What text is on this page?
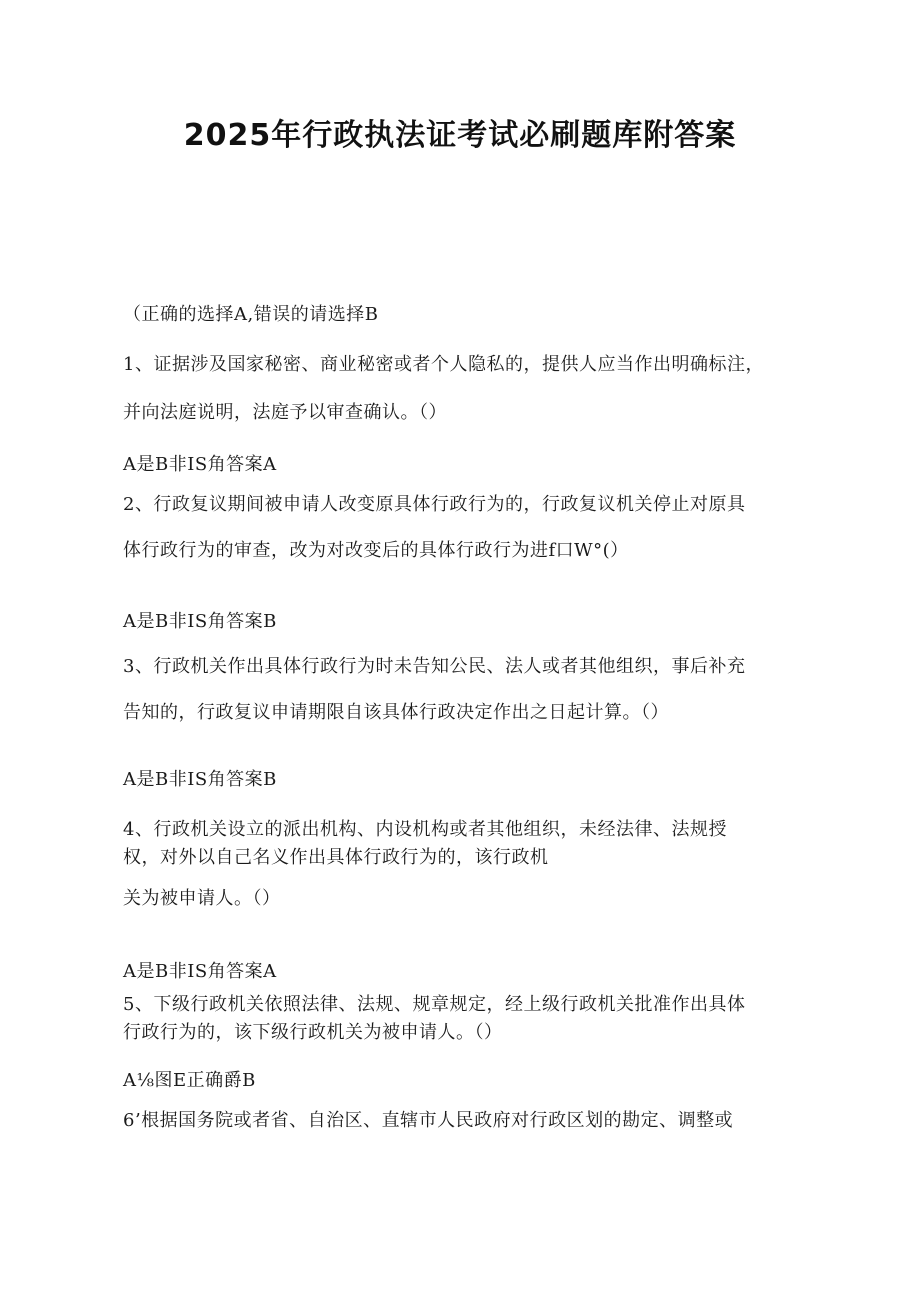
2025年行政执法证考试必刷题库附答案
（正确的选择A,错误的请选择B
1、证据涉及国家秘密、商业秘密或者个人隐私的，提供人应当作出明确标注，
并向法庭说明，法庭予以审查确认。（）
A是B非IS角答案A
2、行政复议期间被申请人改变原具体行政行为的，行政复议机关停止对原具
体行政行为的审查，改为对改变后的具体行政行为进f口W°(）
A是B非IS角答案B
3、行政机关作出具体行政行为时未告知公民、法人或者其他组织，事后补充
告知的，行政复议申请期限自该具体行政决定作出之日起计算。（）
A是B非IS角答案B
4、行政机关设立的派出机构、内设机构或者其他组织，未经法律、法规授
权，对外以自己名义作出具体行政行为的，该行政机
关为被申请人。（）
A是B非IS角答案A
5、下级行政机关依照法律、法规、规章规定，经上级行政机关批准作出具体
行政行为的，该下级行政机关为被申请人。（）
A⅛图E正确爵B
6’根据国务院或者省、自治区、直辖市人民政府对行政区划的勘定、调整或
